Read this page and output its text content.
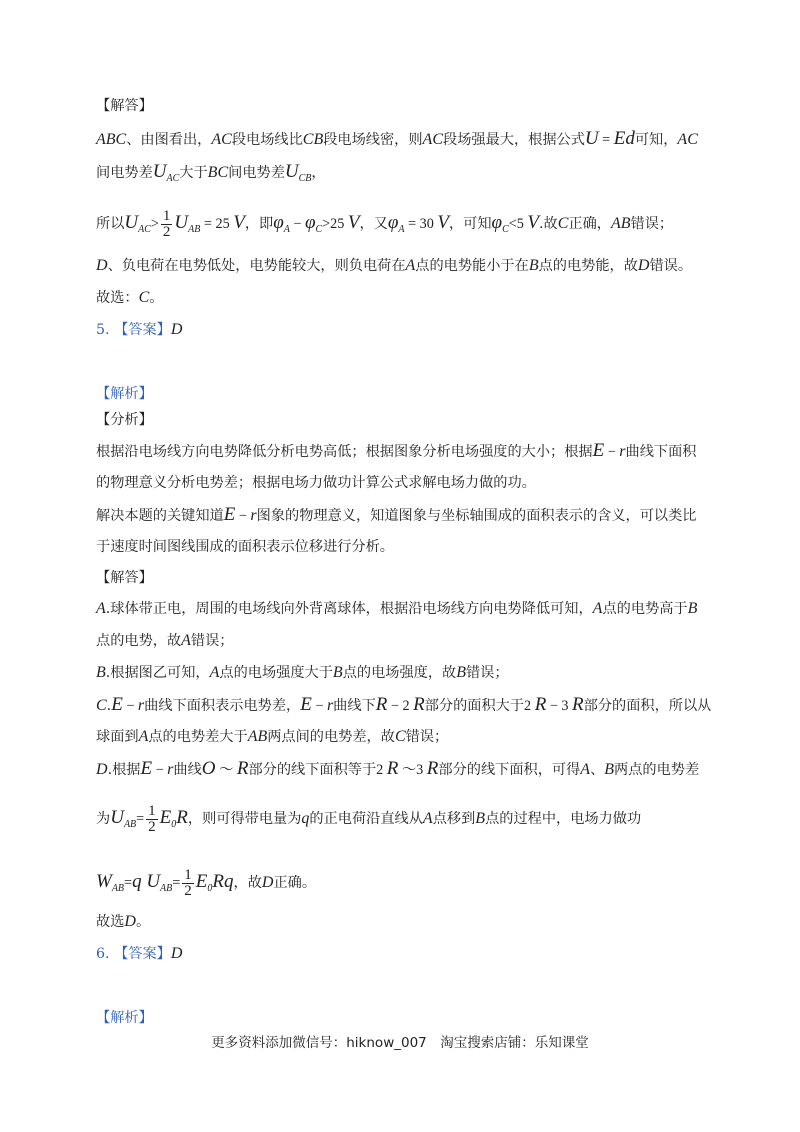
【解答】
ABC、由图看出，AC段电场线比CB段电场线密，则AC段场强最大，根据公式U = Ed可知，AC
间电势差$U_{AC}$大于BC间电势差$U_{CB}$，
所以$U_{AC}> \frac{1}{2} U_{AB} = 25$ V，即$\varphi_A - \varphi_C>25$ V，又$\varphi_A = 30$ V，可知$\varphi_C<5$ V.故C正确，AB错误；
D、负电荷在电势低处，电势能较大，则负电荷在A点的电势能小于在B点的电势能，故D错误。
故选：C。
5. 【答案】D
【解析】
【分析】
根据沿电场线方向电势降低分析电势高低；根据图象分析电场强度的大小；根据E − r曲线下面积
的物理意义分析电势差；根据电场力做功计算公式求解电场力做的功。
解决本题的关键知道E − r图象的物理意义，知道图象与坐标轴围成的面积表示的含义，可以类比
于速度时间图线围成的面积表示位移进行分析。
【解答】
A.球体带正电，周围的电场线向外背离球体，根据沿电场线方向电势降低可知，A点的电势高于B
点的电势，故A错误；
B.根据图乙可知，A点的电场强度大于B点的电场强度，故B错误；
C.E − r曲线下面积表示电势差，E − r曲线下R − 2 R部分的面积大于2 R − 3 R部分的面积，所以从
球面到A点的电势差大于AB两点间的电势差，故C错误；
D.根据E − r曲线O ～ R部分的线下面积等于2 R ～3 R部分的线下面积，可得A、B两点的电势差
为$U_{AB}= \frac{1}{2} E_0R$，则可得带电量为q的正电荷沿直线从A点移到B点的过程中，电场力做功
$W_{AB}=q$ $U_{AB}= \frac{1}{2} E_0Rq$，故D正确。
故选D。
6. 【答案】D
【解析】
更多资料添加微信号：hiknow_007　淘宝搜索店铺：乐知课堂
